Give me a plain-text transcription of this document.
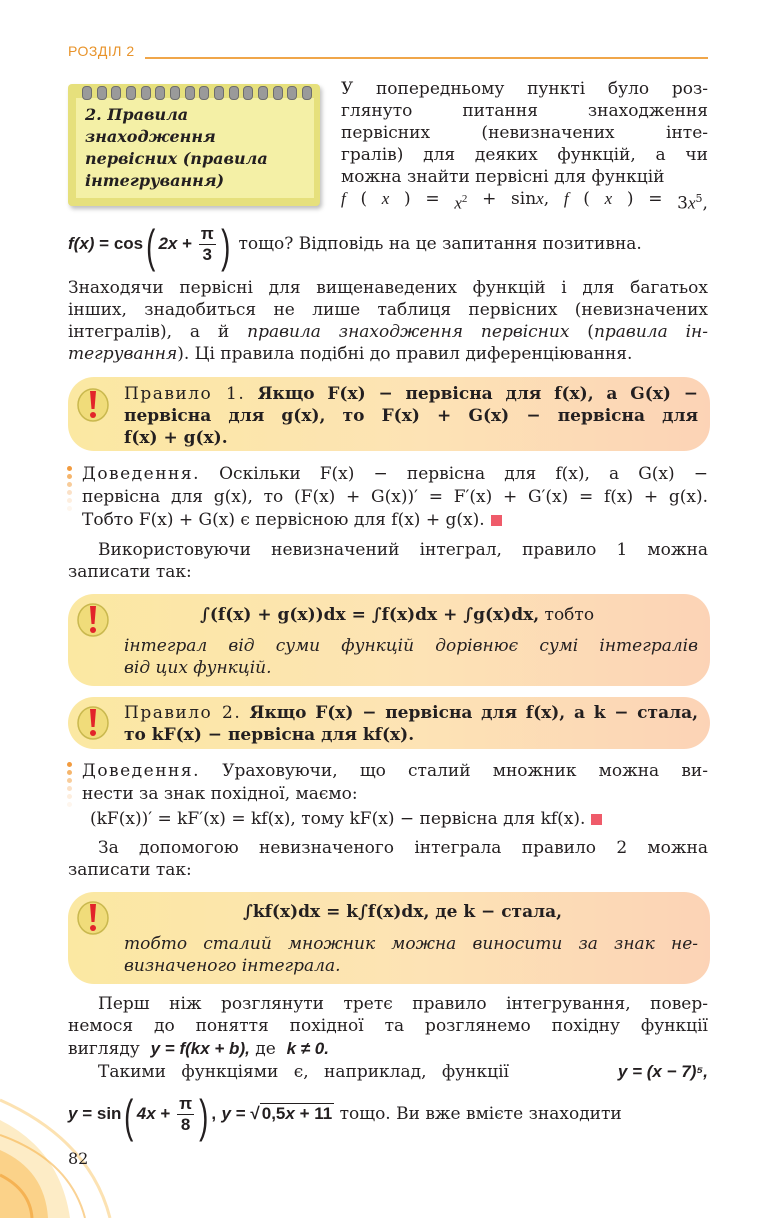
РОЗДІЛ 2
2. Правила
знаходження
первісних (правила
інтегрування)
У попередньому пункті було роз-
глянуто питання знаходження
первісних (невизначених інте-
гралів) для деяких функцій, а чи
можна знайти первісні для функцій
f ( x ) = $x^2 + \sin x$, f ( x ) = $3x^5$,
f(x) = cos( $2x + \frac{\pi}{3}$ ) тощо? Відповідь на це запитання позитивна.
Знаходячи первісні для вищенаведених функцій і для багатьох
інших, знадобиться не лише таблиця первісних (невизначених
інтегралів), а й правила знаходження первісних (правила ін-
тегрування). Ці правила подібні до правил диференціювання.
Правило 1. Якщо F(x) − первісна для f(x), а G(x) −
первісна для g(x), то F(x) + G(x) − первісна для
f(x) + g(x).
Доведення. Оскільки F(x) − первісна для f(x), а G(x) −
первісна для g(x), то (F(x) + G(x))′ = F′(x) + G′(x) = f(x) + g(x).
Тобто F(x) + G(x) є первісною для f(x) + g(x).
Використовуючи невизначений інтеграл, правило 1 можна
записати так:
∫(f(x) + g(x))dx = ∫f(x)dx + ∫g(x)dx, тобто
інтеграл від суми функцій дорівнює сумі інтегралів
від цих функцій.
Правило 2. Якщо F(x) − первісна для f(x), а k − стала,
то kF(x) − первісна для kf(x).
Доведення. Ураховуючи, що сталий множник можна ви-
нести за знак похідної, маємо:
(kF(x))′ = kF′(x) = kf(x), тому kF(x) − первісна для kf(x).
За допомогою невизначеного інтеграла правило 2 можна
записати так:
∫kf(x)dx = k∫f(x)dx, де k − стала,
тобто сталий множник можна виносити за знак не-
визначеного інтеграла.
Перш ніж розглянути третє правило інтегрування, повер-
немося до поняття похідної та розглянемо похідну функції
вигляду y = f(kx + b), де k ≠ 0.
Такими функціями є, наприклад, функції	y = (x − 7)⁵,
y = sin( $4x + \frac{\pi}{8}$ ) , y = √ 0,5x + 11 тощо. Ви вже вмієте знаходити
82
